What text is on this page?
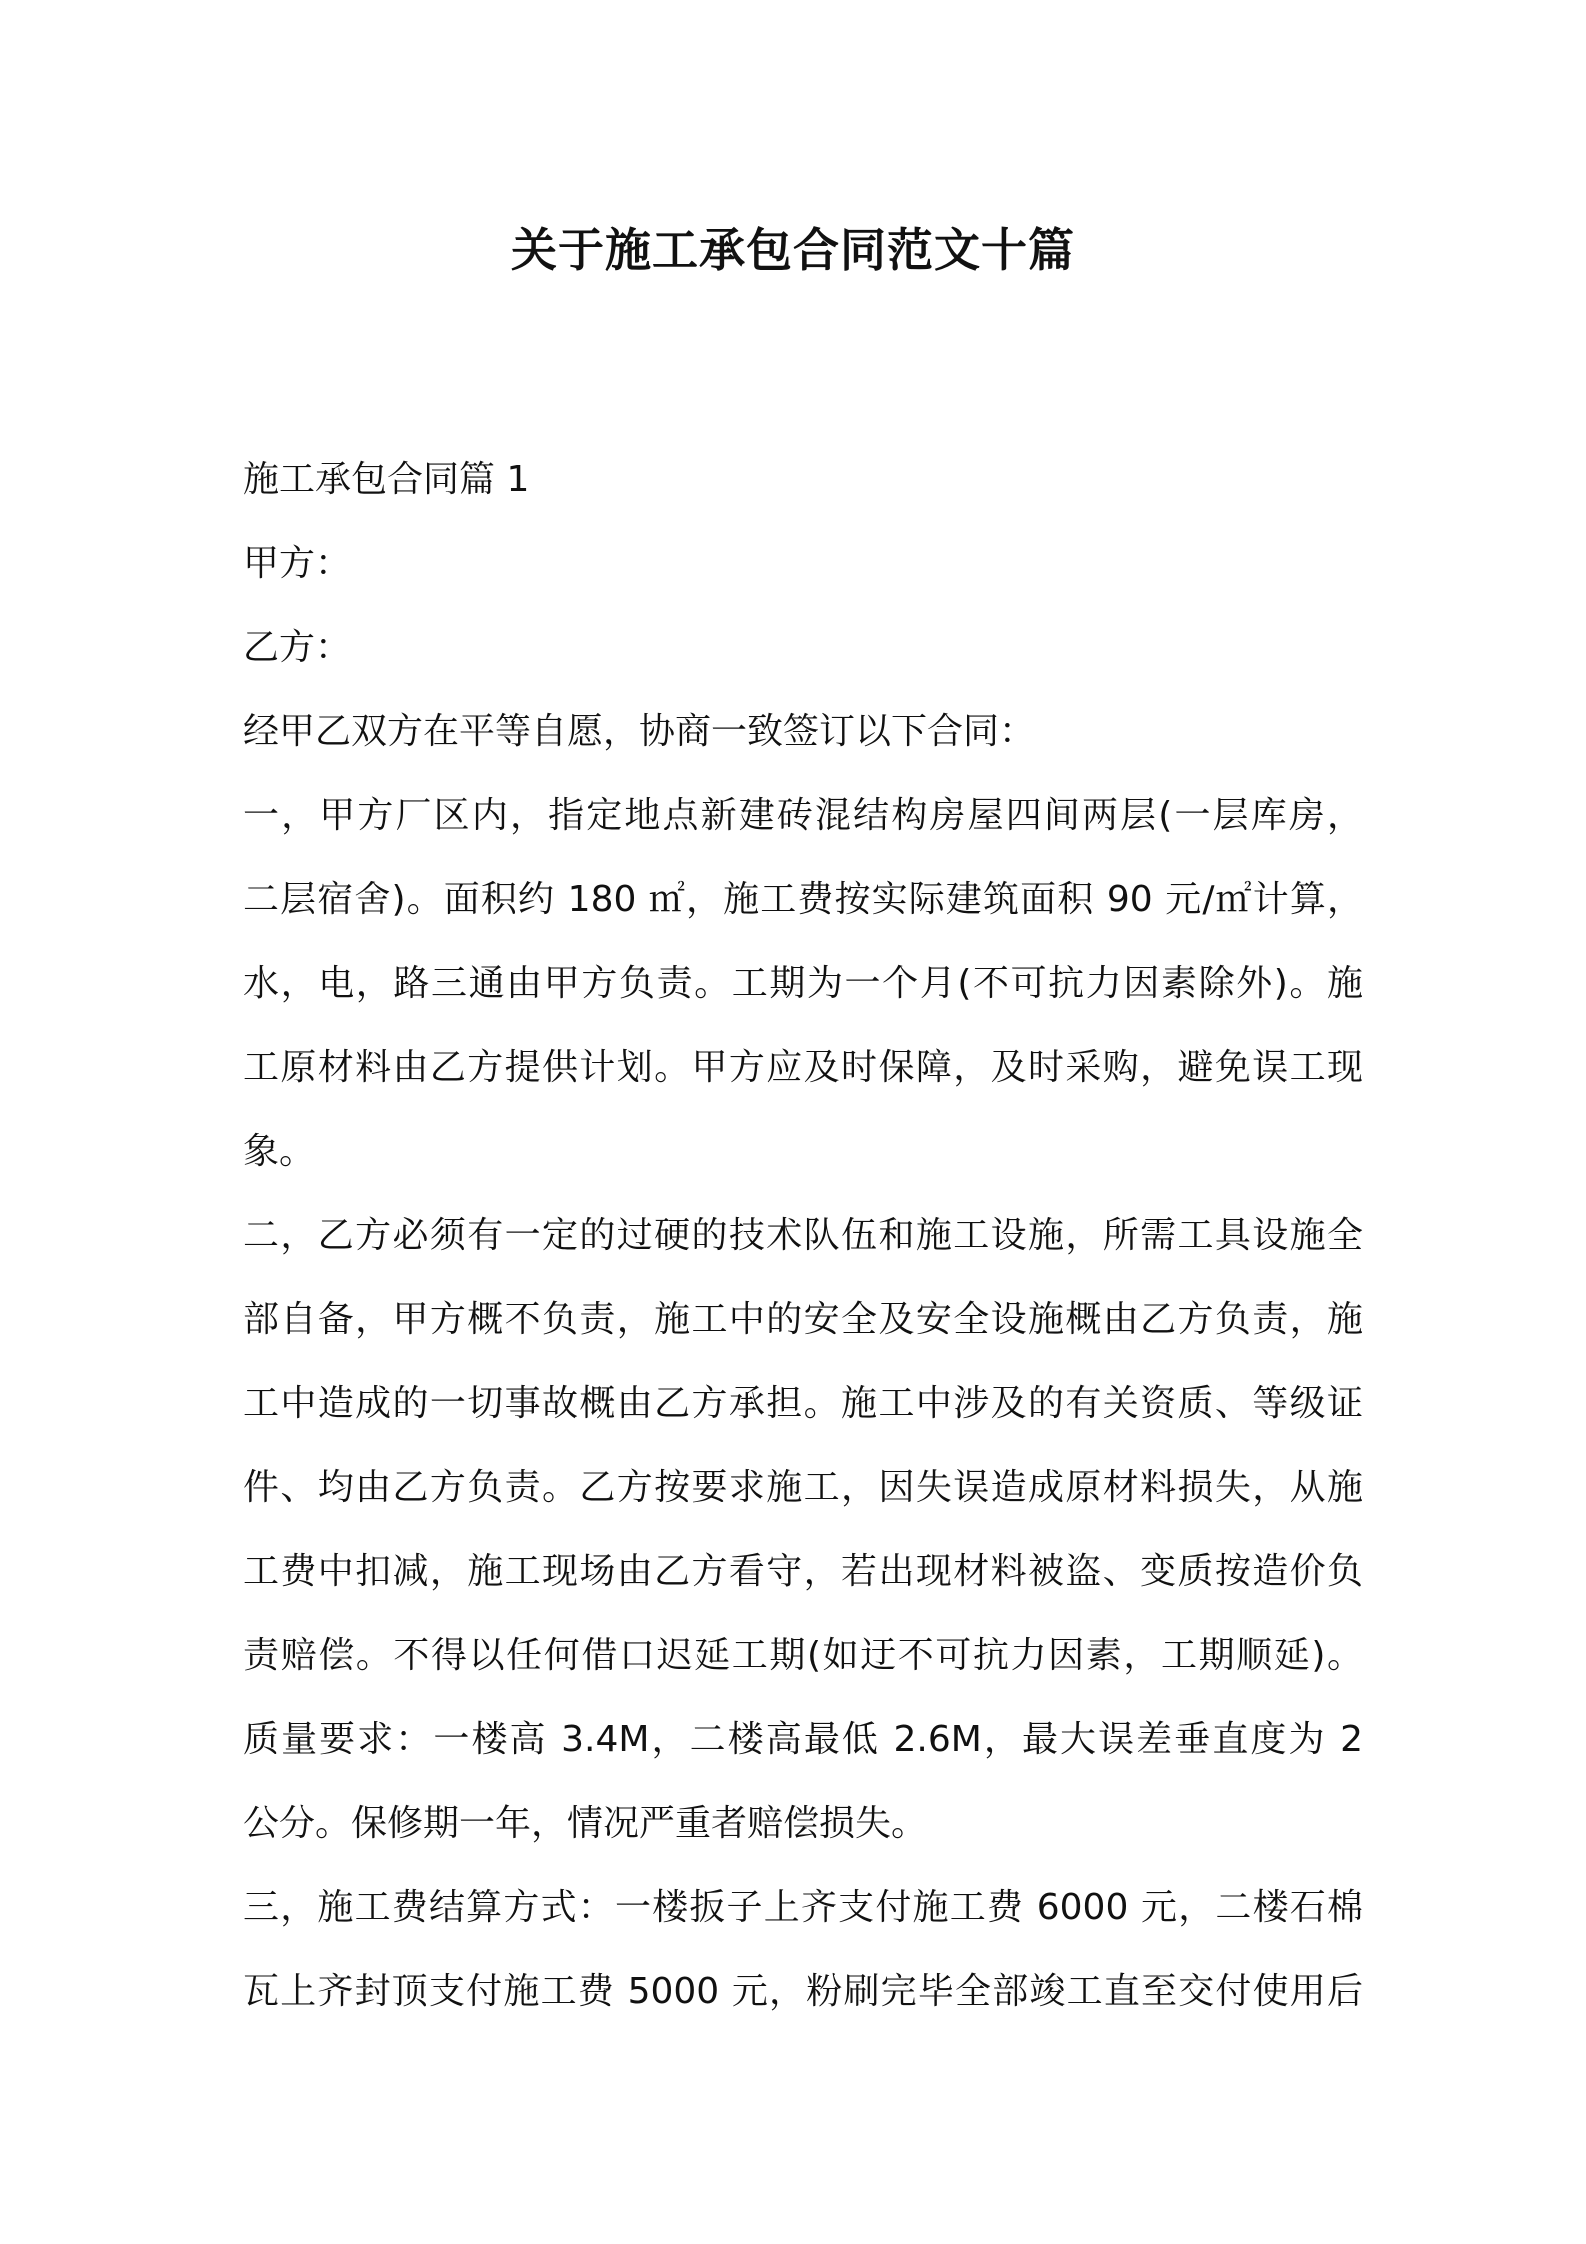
关于施工承包合同范文十篇

施工承包合同篇 1

甲方：

乙方：

经甲乙双方在平等自愿，协商一致签订以下合同：

一，甲方厂区内，指定地点新建砖混结构房屋四间两层(一层库房，

二层宿舍)。面积约 180 ㎡，施工费按实际建筑面积 90 元/㎡计算，

水，电，路三通由甲方负责。工期为一个月(不可抗力因素除外)。施

工原材料由乙方提供计划。甲方应及时保障，及时采购，避免误工现

象。

二，乙方必须有一定的过硬的技术队伍和施工设施，所需工具设施全

部自备，甲方概不负责，施工中的安全及安全设施概由乙方负责，施

工中造成的一切事故概由乙方承担。施工中涉及的有关资质、等级证

件、均由乙方负责。乙方按要求施工，因失误造成原材料损失，从施

工费中扣减，施工现场由乙方看守，若出现材料被盗、变质按造价负

责赔偿。不得以任何借口迟延工期(如迂不可抗力因素，工期顺延)。

质量要求：一楼高 3.4M，二楼高最低 2.6M，最大误差垂直度为 2

公分。保修期一年，情况严重者赔偿损失。

三，施工费结算方式：一楼扳子上齐支付施工费 6000 元，二楼石棉

瓦上齐封顶支付施工费 5000 元，粉刷完毕全部竣工直至交付使用后
